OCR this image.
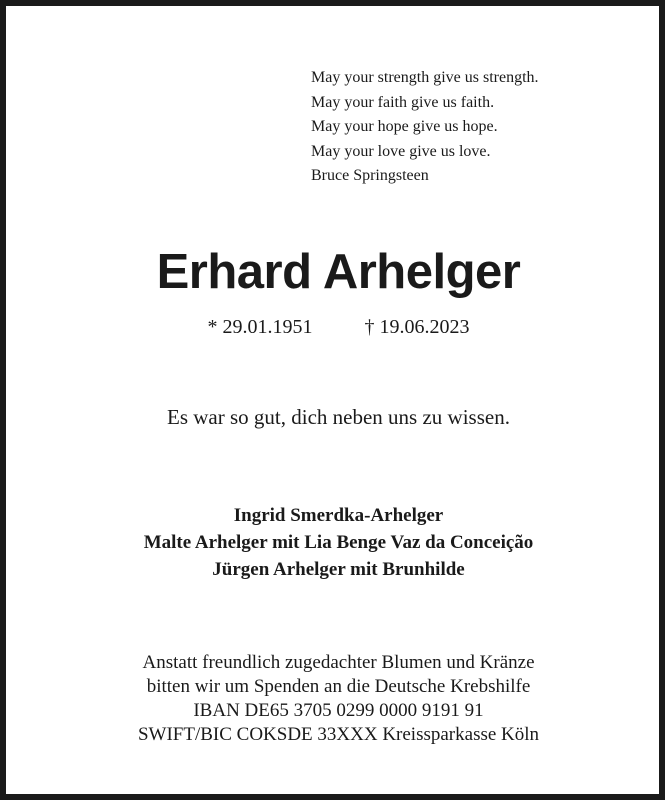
May your strength give us strength.
May your faith give us faith.
May your hope give us hope.
May your love give us love.
Bruce Springsteen
Erhard Arhelger
* 29.01.1951	† 19.06.2023
Es war so gut, dich neben uns zu wissen.
Ingrid Smerdka-Arhelger
Malte Arhelger mit Lia Benge Vaz da Conceição
Jürgen Arhelger mit Brunhilde
Anstatt freundlich zugedachter Blumen und Kränze
bitten wir um Spenden an die Deutsche Krebshilfe
IBAN DE65 3705 0299 0000 9191 91
SWIFT/BIC COKSDE 33XXX Kreissparkasse Köln
